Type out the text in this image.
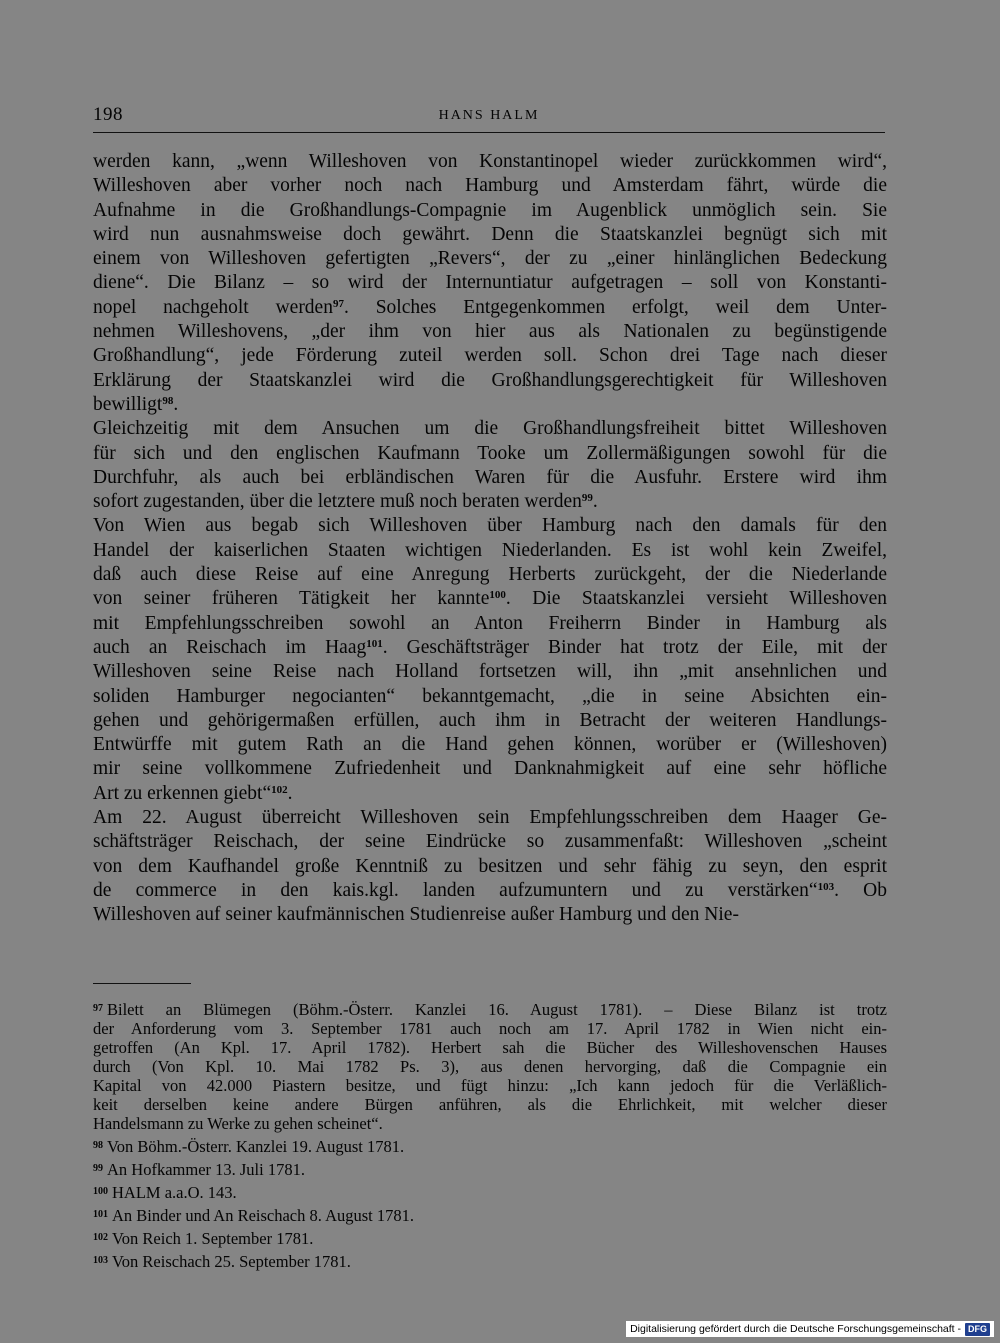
198	HANS HALM
werden kann, „wenn Willeshoven von Konstantinopel wieder zurückkommen wird“,
Willeshoven aber vorher noch nach Hamburg und Amsterdam fährt, würde die
Aufnahme in die Großhandlungs-Compagnie im Augenblick unmöglich sein. Sie
wird nun ausnahmsweise doch gewährt. Denn die Staatskanzlei begnügt sich mit
einem von Willeshoven gefertigten „Revers“, der zu „einer hinlänglichen Bedeckung
diene“. Die Bilanz – so wird der Internuntiatur aufgetragen – soll von Konstanti-
nopel nachgeholt werden$^{97}$. Solches Entgegenkommen erfolgt, weil dem Unter-
nehmen Willeshovens, „der ihm von hier aus als Nationalen zu begünstigende
Großhandlung“, jede Förderung zuteil werden soll. Schon drei Tage nach dieser
Erklärung der Staatskanzlei wird die Großhandlungsgerechtigkeit für Willeshoven
bewilligt$^{98}$.
Gleichzeitig mit dem Ansuchen um die Großhandlungsfreiheit bittet Willeshoven
für sich und den englischen Kaufmann Tooke um Zollermäßigungen sowohl für die
Durchfuhr, als auch bei erbländischen Waren für die Ausfuhr. Erstere wird ihm
sofort zugestanden, über die letztere muß noch beraten werden$^{99}$.
Von Wien aus begab sich Willeshoven über Hamburg nach den damals für den
Handel der kaiserlichen Staaten wichtigen Niederlanden. Es ist wohl kein Zweifel,
daß auch diese Reise auf eine Anregung Herberts zurückgeht, der die Niederlande
von seiner früheren Tätigkeit her kannte$^{100}$. Die Staatskanzlei versieht Willeshoven
mit Empfehlungsschreiben sowohl an Anton Freiherrn Binder in Hamburg als
auch an Reischach im Haag$^{101}$. Geschäftsträger Binder hat trotz der Eile, mit der
Willeshoven seine Reise nach Holland fortsetzen will, ihn „mit ansehnlichen und
soliden Hamburger negocianten“ bekanntgemacht, „die in seine Absichten ein-
gehen und gehörigermaßen erfüllen, auch ihm in Betracht der weiteren Handlungs-
Entwürffe mit gutem Rath an die Hand gehen können, worüber er (Willeshoven)
mir seine vollkommene Zufriedenheit und Danknahmigkeit auf eine sehr höfliche
Art zu erkennen giebt“$^{102}$.
Am 22. August überreicht Willeshoven sein Empfehlungsschreiben dem Haager Ge-
schäftsträger Reischach, der seine Eindrücke so zusammenfaßt: Willeshoven „scheint
von dem Kaufhandel große Kenntniß zu besitzen und sehr fähig zu seyn, den esprit
de commerce in den kais.kgl. landen aufzumuntern und zu verstärken“$^{103}$. Ob
Willeshoven auf seiner kaufmännischen Studienreise außer Hamburg und den Nie-
$^{97}$ Bilett an Blümegen (Böhm.-Österr. Kanzlei 16. August 1781). – Diese Bilanz ist trotz
der Anforderung vom 3. September 1781 auch noch am 17. April 1782 in Wien nicht ein-
getroffen (An Kpl. 17. April 1782). Herbert sah die Bücher des Willeshovenschen Hauses
durch (Von Kpl. 10. Mai 1782 Ps. 3), aus denen hervorging, daß die Compagnie ein
Kapital von 42.000 Piastern besitze, und fügt hinzu: „Ich kann jedoch für die Verläßlich-
keit derselben keine andere Bürgen anführen, als die Ehrlichkeit, mit welcher dieser
Handelsmann zu Werke zu gehen scheinet“.
$^{98}$ Von Böhm.-Österr. Kanzlei 19. August 1781.
$^{99}$ An Hofkammer 13. Juli 1781.
$^{100}$ HALM a.a.O. 143.
$^{101}$ An Binder und An Reischach 8. August 1781.
$^{102}$ Von Reich 1. September 1781.
$^{103}$ Von Reischach 25. September 1781.
Digitalisierung gefördert durch die Deutsche Forschungsgemeinschaft - DFG
